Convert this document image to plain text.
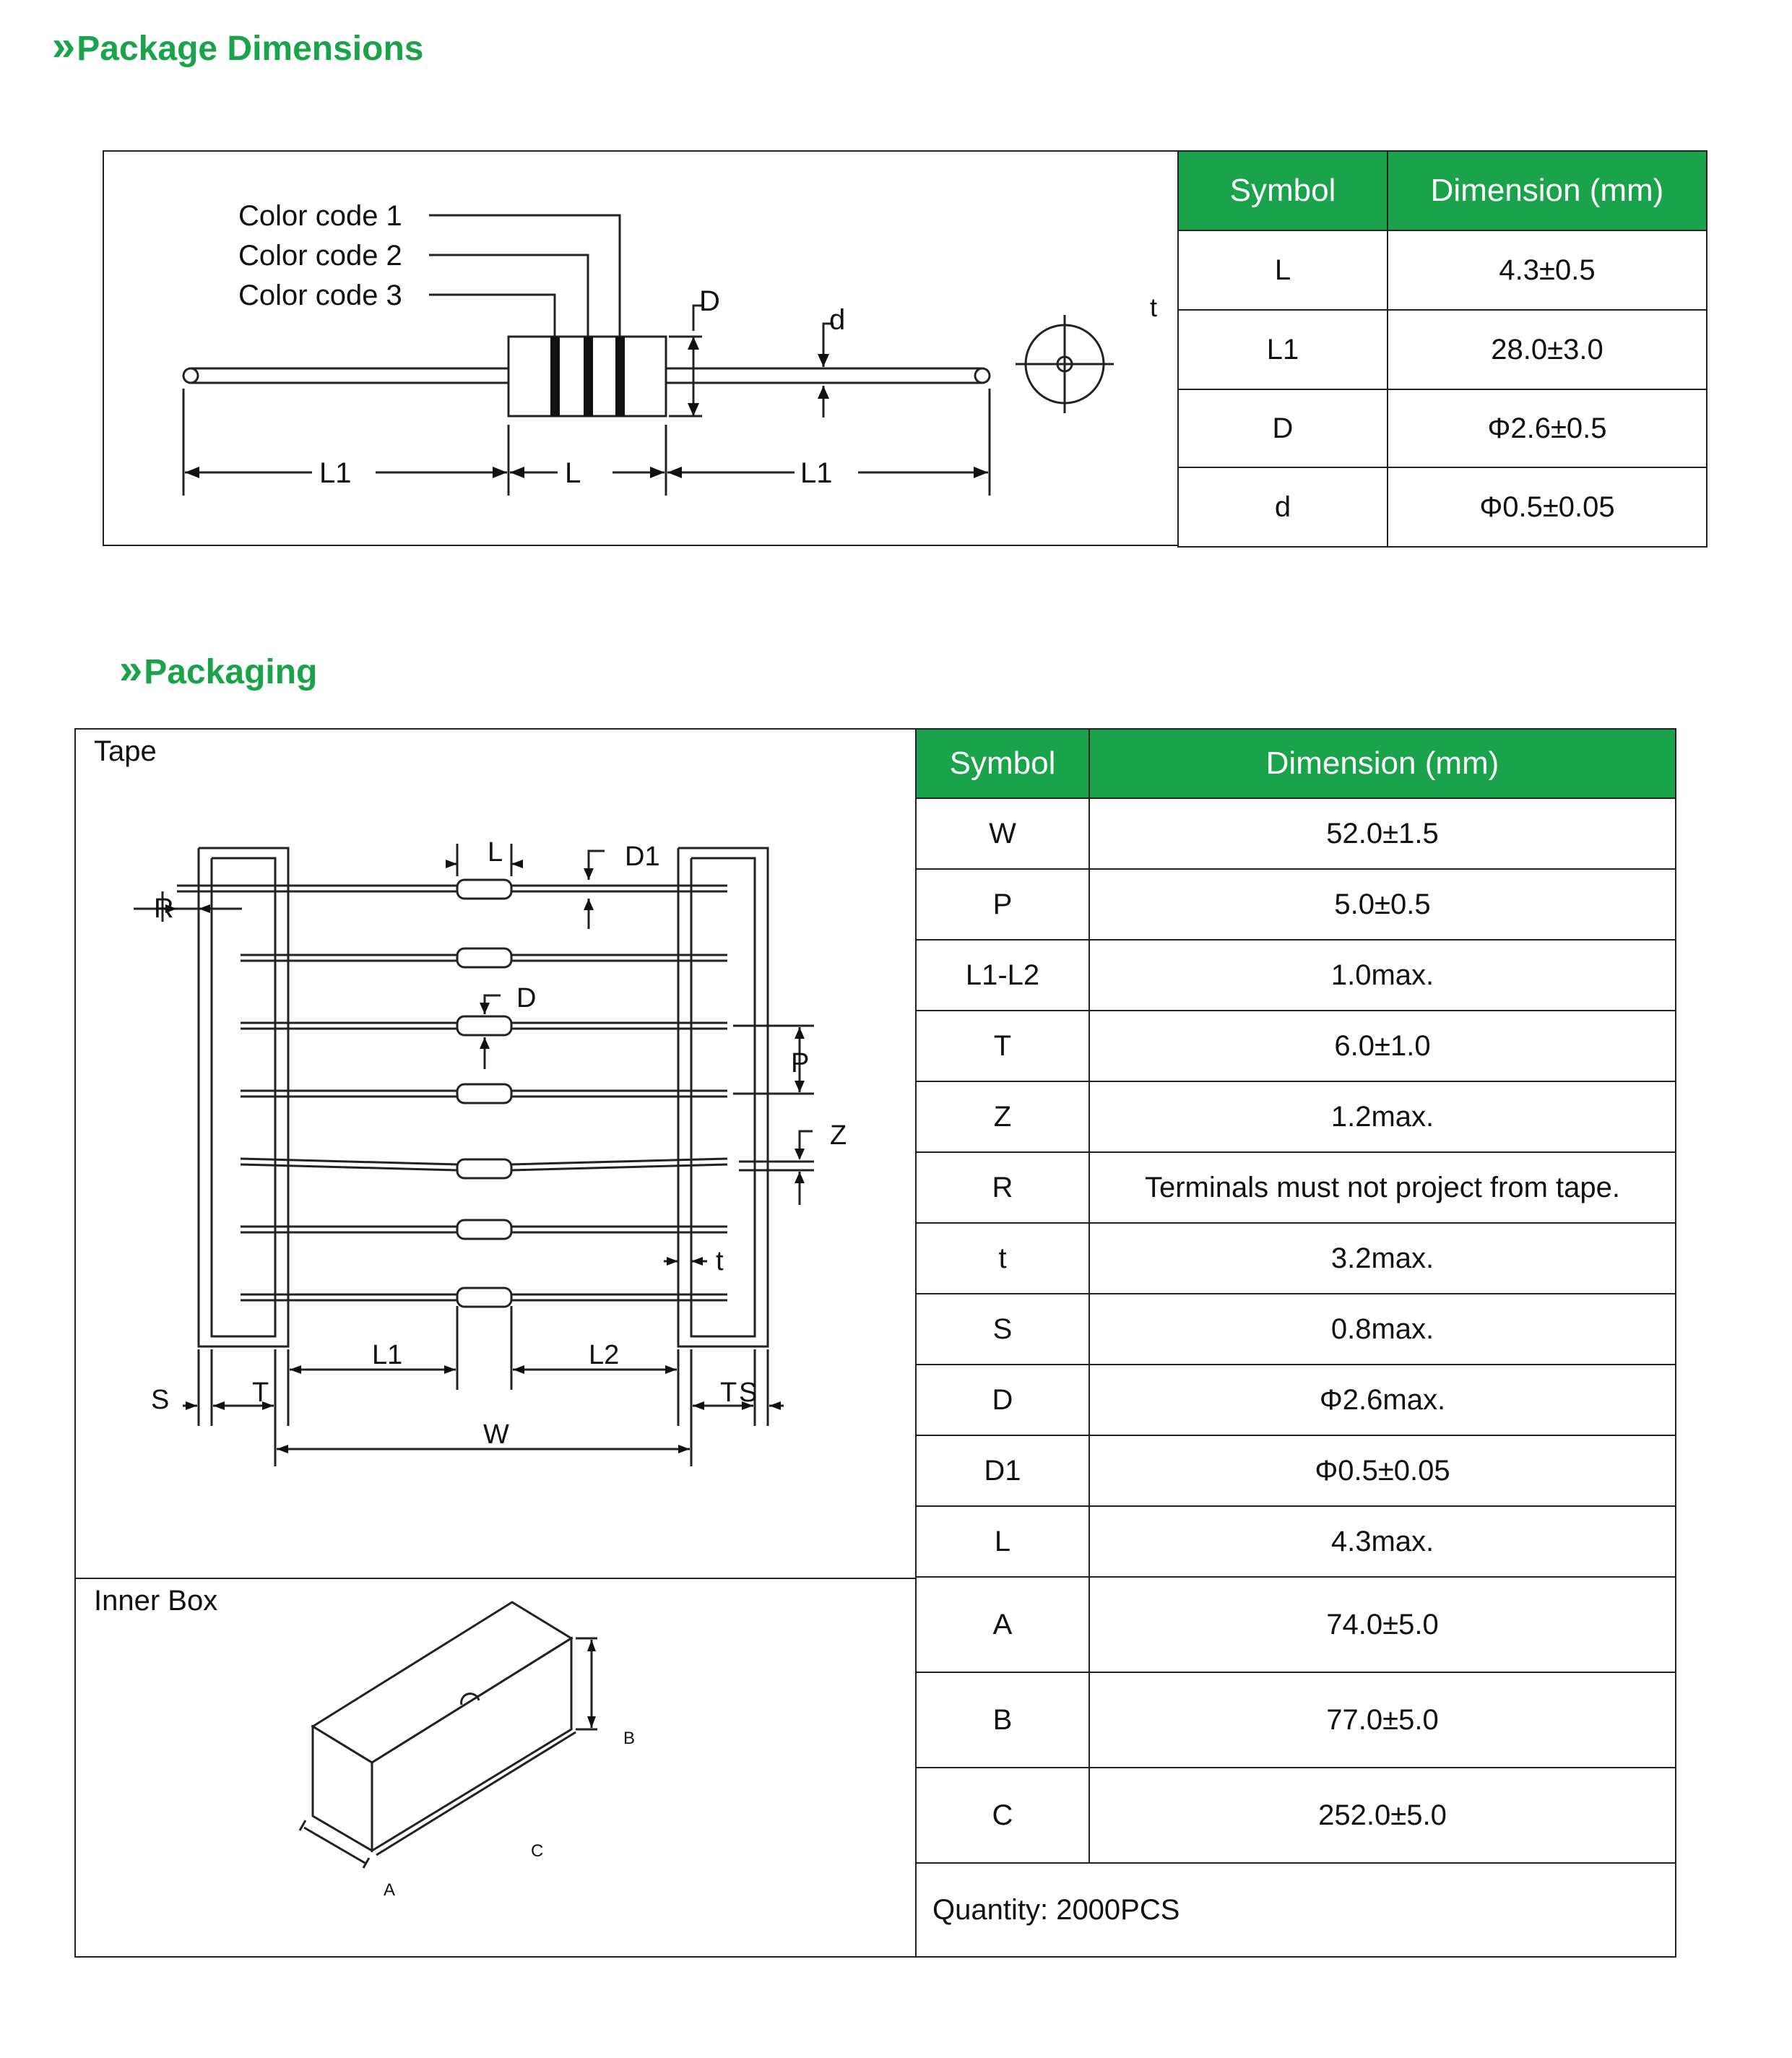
»Package Dimensions
Color code 1
Color code 2
Color code 3	D
d
L1	L	L1
t
Symbol	Dimension (mm)
L	4.3±0.5
L1	28.0±3.0
D	Φ2.6±0.5
d	Φ0.5±0.05
»Packaging
Tape
Inner Box
L	D1
R
D
P
Z
t
L1	L2
S	T	T S
W
B
C
A
Symbol	Dimension (mm)
W	52.0±1.5
P	5.0±0.5
L1-L2	1.0max.
T	6.0±1.0
Z	1.2max.
R	Terminals must not project from tape.
t	3.2max.
S	0.8max.
D	Φ2.6max.
D1	Φ0.5±0.05
L	4.3max.
A	74.0±5.0
B	77.0±5.0
C	252.0±5.0
Quantity: 2000PCS	
